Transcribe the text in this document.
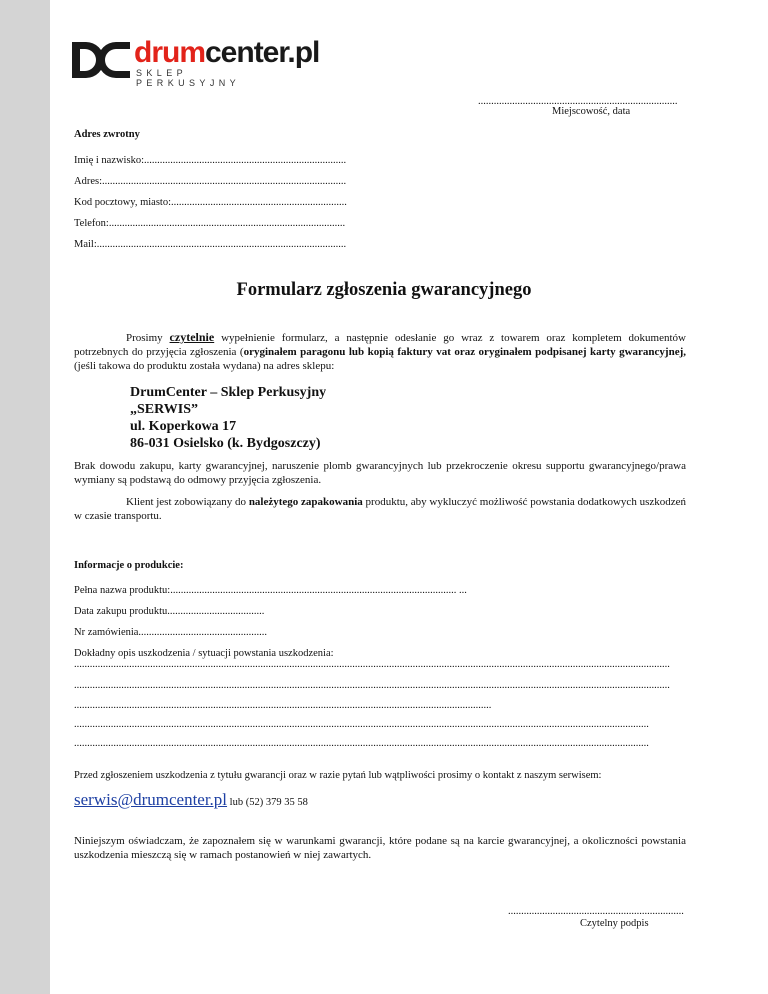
drumcenter.pl
SKLEP PERKUSYJNY
............................................................................
Miejscowość, data
Adres zwrotny
Imię i nazwisko:.............................................................................
Adres:.............................................................................................
Kod pocztowy, miasto:...................................................................
Telefon:..........................................................................................
Mail:...............................................................................................
Formularz zgłoszenia gwarancyjnego
Prosimy czytelnie wypełnienie formularz, a następnie odesłanie go wraz z towarem oraz kompletem dokumentów potrzebnych do przyjęcia zgłoszenia (oryginałem paragonu lub kopią faktury vat oraz oryginałem podpisanej karty gwarancyjnej, (jeśli takowa do produktu została wydana) na adres sklepu:
DrumCenter – Sklep Perkusyjny
„SERWIS”
ul. Koperkowa 17
86-031 Osielsko (k. Bydgoszczy)
Brak dowodu zakupu, karty gwarancyjnej, naruszenie plomb gwarancyjnych lub przekroczenie okresu supportu gwarancyjnego/prawa wymiany są podstawą do odmowy przyjęcia zgłoszenia.
Klient jest zobowiązany do należytego zapakowania produktu, aby wykluczyć możliwość powstania dodatkowych uszkodzeń w czasie transportu.
Informacje o produkcie:
Pełna nazwa produktu:............................................................................................................. ...
Data zakupu produktu.....................................
Nr zamówienia.................................................
Dokładny opis uszkodzenia / sytuacji powstania uszkodzenia:
...................................................................................................................................................................................................................................
...................................................................................................................................................................................................................................
...............................................................................................................................................................
...........................................................................................................................................................................................................................
...........................................................................................................................................................................................................................
Przed zgłoszeniem uszkodzenia z tytułu gwarancji oraz w razie pytań lub wątpliwości prosimy o kontakt z naszym serwisem:
serwis@drumcenter.pl lub (52) 379 35 58
Niniejszym oświadczam, że zapoznałem się w warunkami gwarancji, które podane są na karcie gwarancyjnej, a okoliczności powstania uszkodzenia mieszczą się w ramach postanowień w niej zawartych.
...................................................................
Czytelny podpis
